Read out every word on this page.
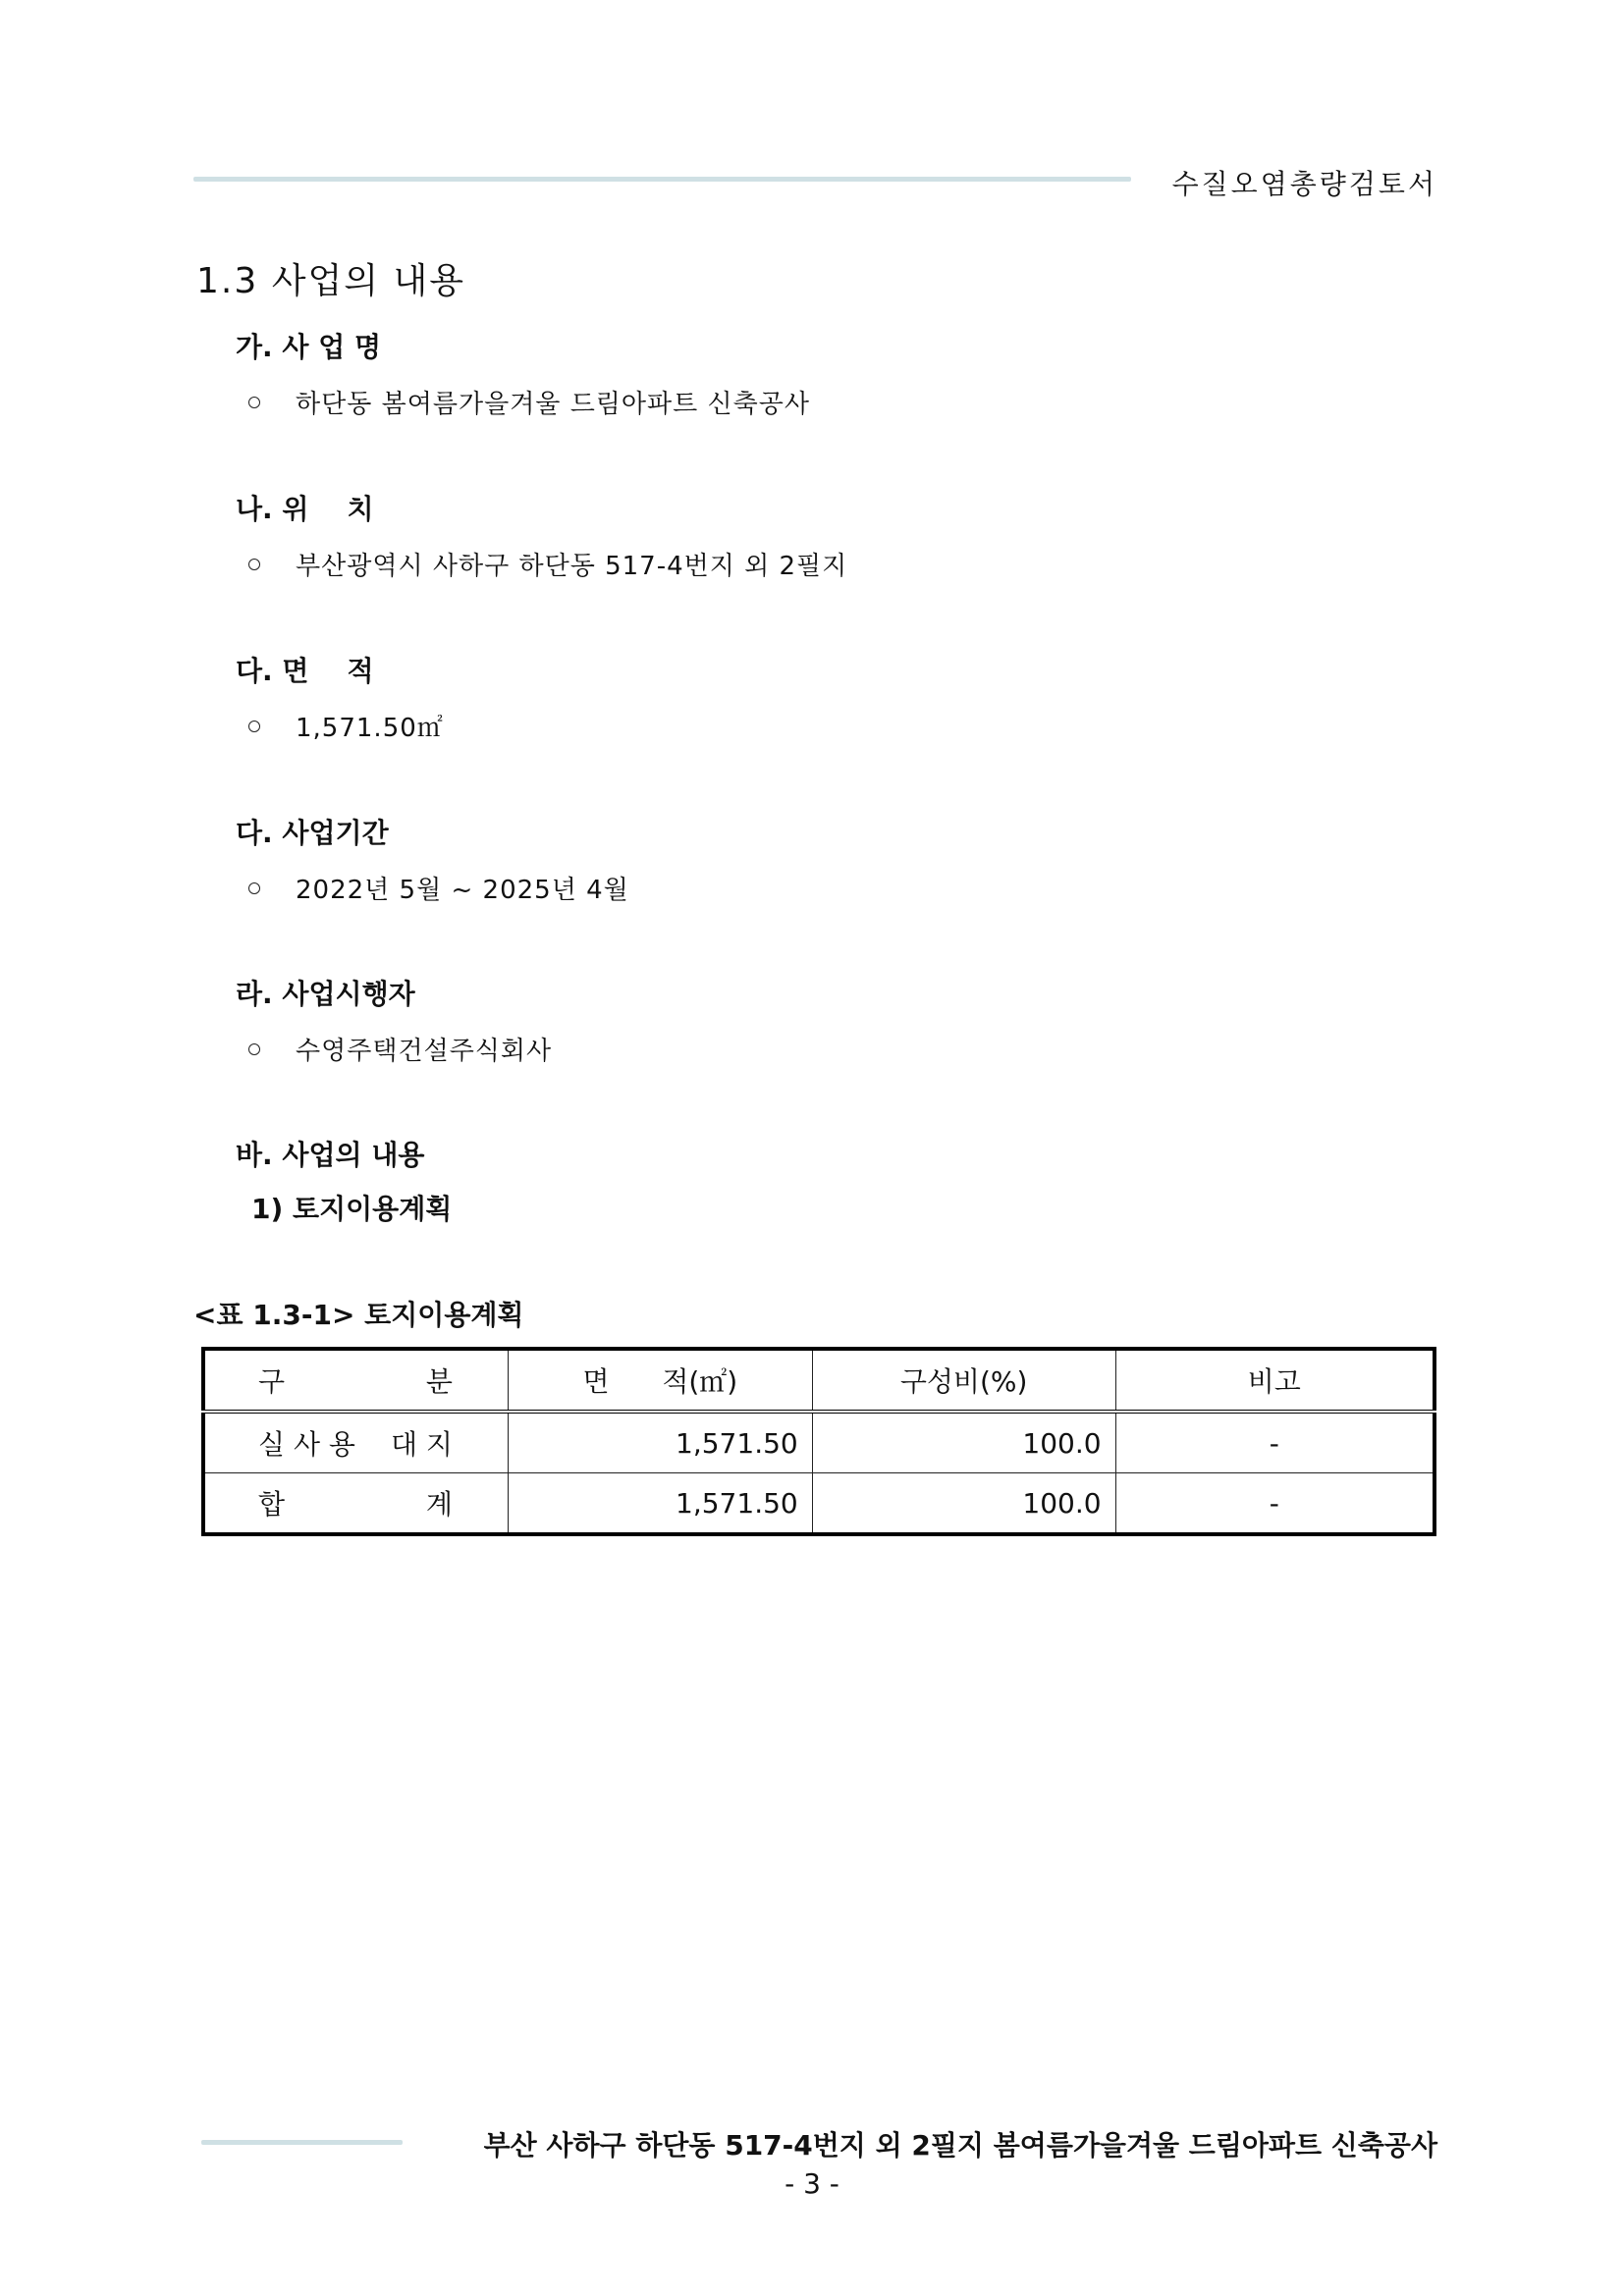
수질오염총량검토서
1.3 사업의 내용
가. 사 업 명
하단동 봄여름가을겨울 드림아파트 신축공사
나. 위    치
부산광역시 사하구 하단동 517-4번지 외 2필지
다. 면    적
1,571.50㎡
다. 사업기간
2022년 5월 ~ 2025년 4월
라. 사업시행자
수영주택건설주식회사
바. 사업의 내용
1) 토지이용계획
<표 1.3-1> 토지이용계획
구 분	면 적(㎡)	구성비(%)	비고

실 사 용 대 지	1,571.50	100.0	-

합 계	1,571.50	100.0	-
부산 사하구 하단동 517-4번지 외 2필지 봄여름가을겨울 드림아파트 신축공사
- 3 -
